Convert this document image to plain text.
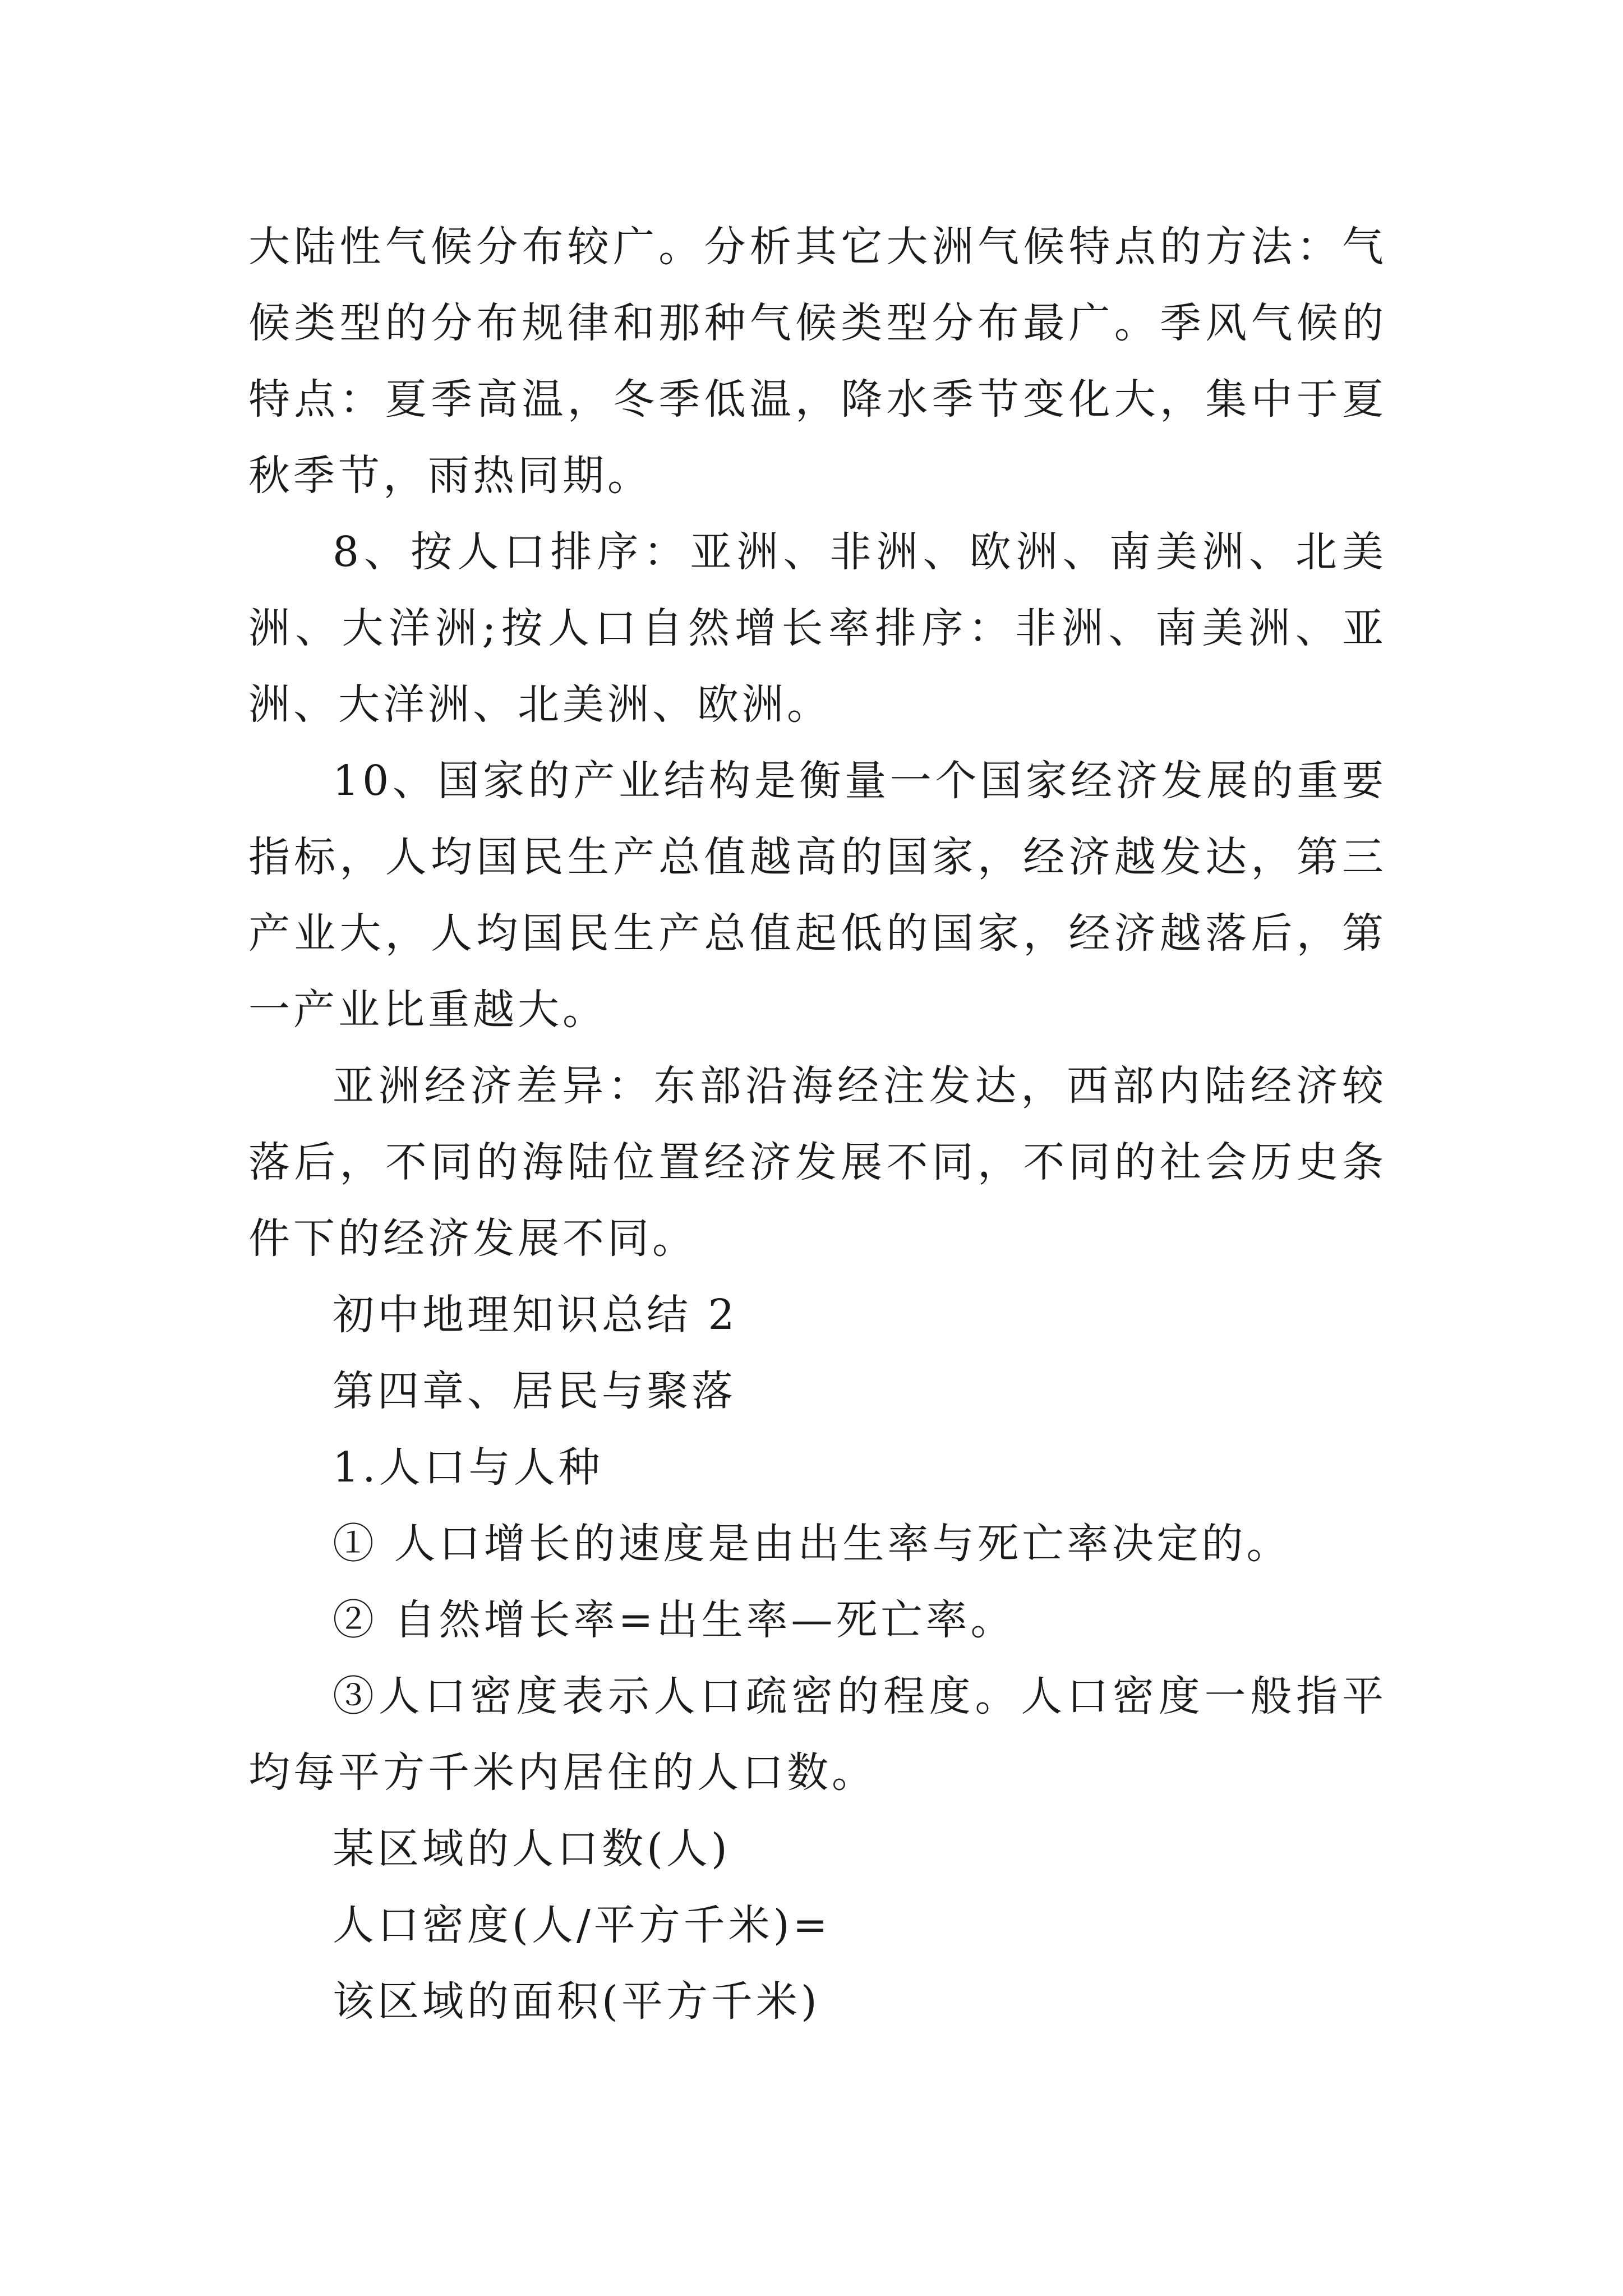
大陆性气候分布较广。分析其它大洲气候特点的方法：气候类型的分布规律和那种气候类型分布最广。季风气候的特点：夏季高温，冬季低温，降水季节变化大，集中于夏秋季节，雨热同期。

8、按人口排序：亚洲、非洲、欧洲、南美洲、北美洲、大洋洲;按人口自然增长率排序：非洲、南美洲、亚洲、大洋洲、北美洲、欧洲。

10、国家的产业结构是衡量一个国家经济发展的重要指标，人均国民生产总值越高的国家，经济越发达，第三产业大，人均国民生产总值起低的国家，经济越落后，第一产业比重越大。

亚洲经济差异：东部沿海经注发达，西部内陆经济较落后，不同的海陆位置经济发展不同，不同的社会历史条件下的经济发展不同。

初中地理知识总结 2

第四章、居民与聚落

1.人口与人种

① 人口增长的速度是由出生率与死亡率决定的。

② 自然增长率=出生率—死亡率。

③人口密度表示人口疏密的程度。人口密度一般指平均每平方千米内居住的人口数。

某区域的人口数(人)

人口密度(人/平方千米)=

该区域的面积(平方千米)
